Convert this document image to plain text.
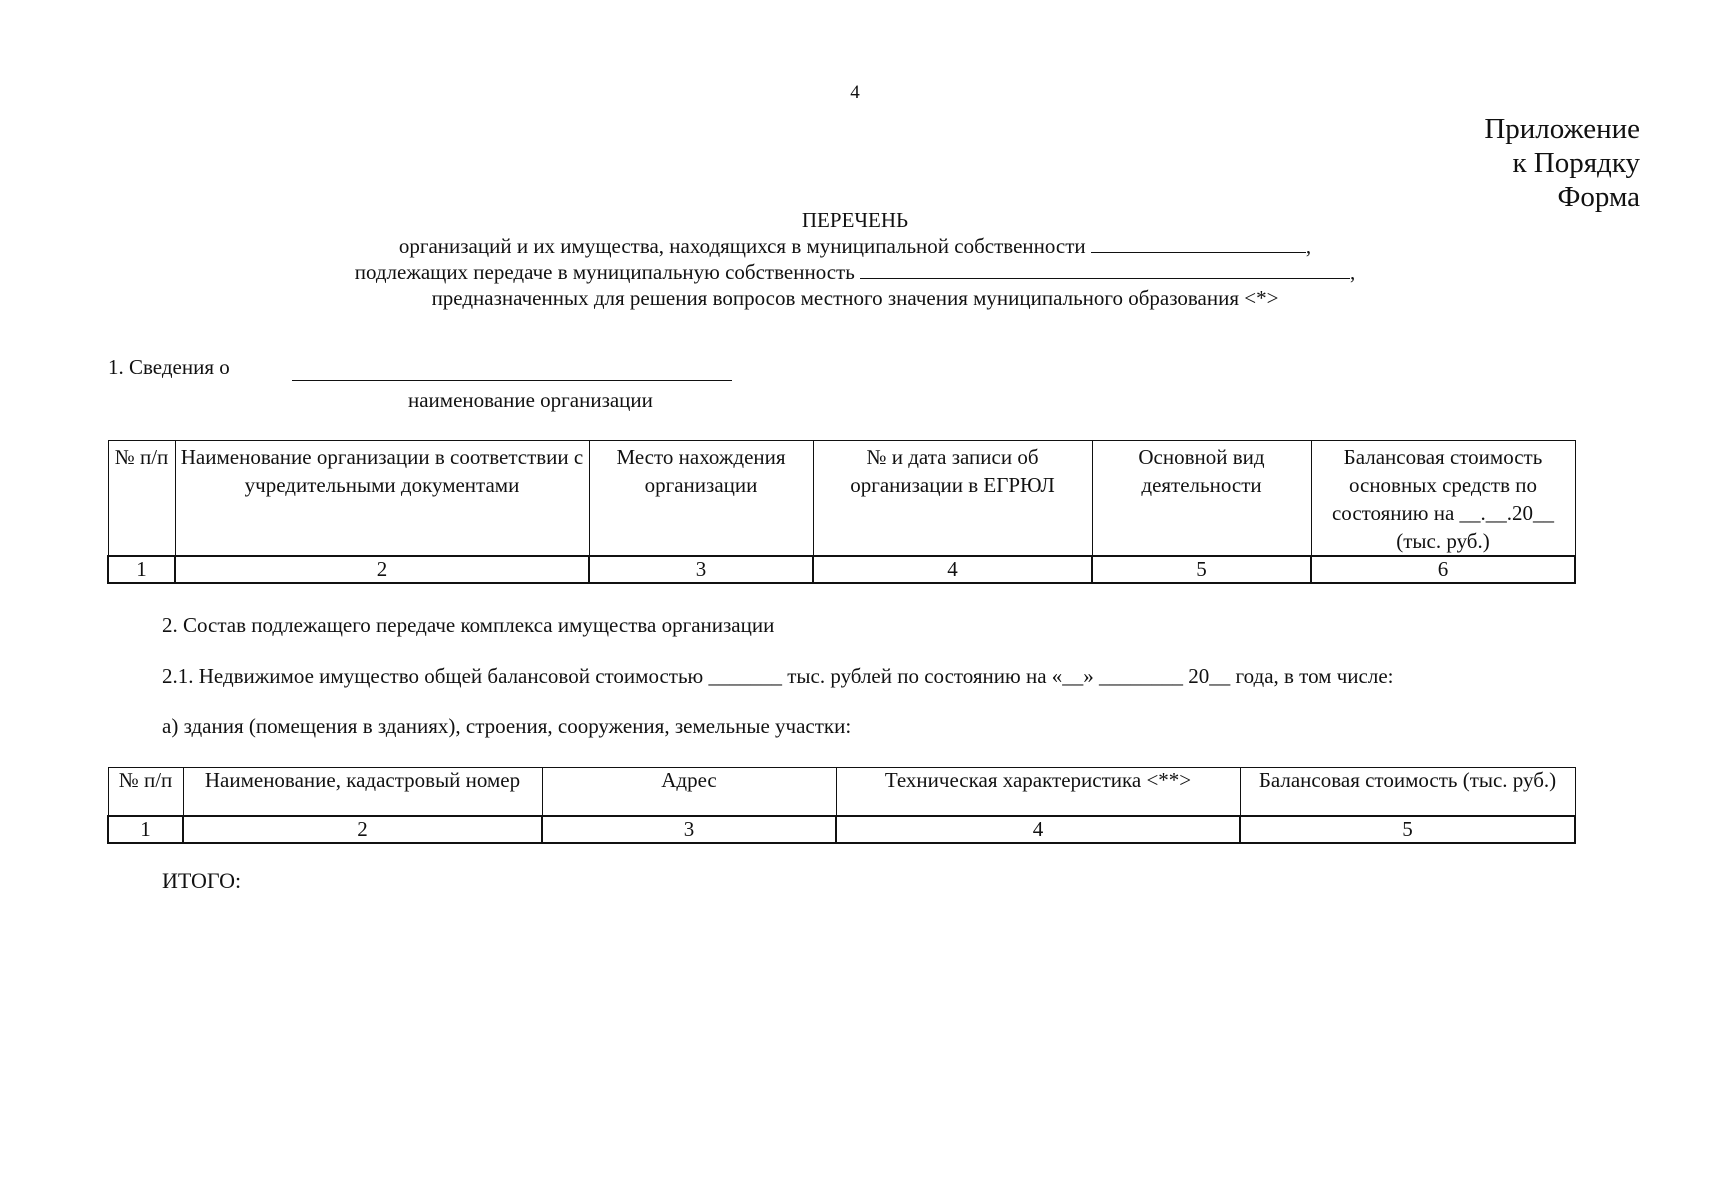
4
Приложение
к Порядку
Форма
ПЕРЕЧЕНЬ
организаций и их имущества, находящихся в муниципальной собственности	,
подлежащих передаче в муниципальную собственность	,
предназначенных для решения вопросов местного значения муниципального образования <*>
1. Сведения о
наименование организации
№ п/п	Наименование организации в соответствии с учредительными документами	Место нахождения организации	№ и дата записи об организации в ЕГРЮЛ	Основной вид деятельности	Балансовая стоимость основных средств по состоянию на __.__.20__ (тыс. руб.)
1	2	3	4	5	6
2. Состав подлежащего передаче комплекса имущества организации
2.1. Недвижимое имущество общей балансовой стоимостью _______ тыс. рублей по состоянию на «__» ________ 20__ года, в том числе:
а) здания (помещения в зданиях), строения, сооружения, земельные участки:
№ п/п	Наименование, кадастровый номер	Адрес	Техническая характеристика <**>	Балансовая стоимость (тыс. руб.)
1	2	3	4	5
ИТОГО:
